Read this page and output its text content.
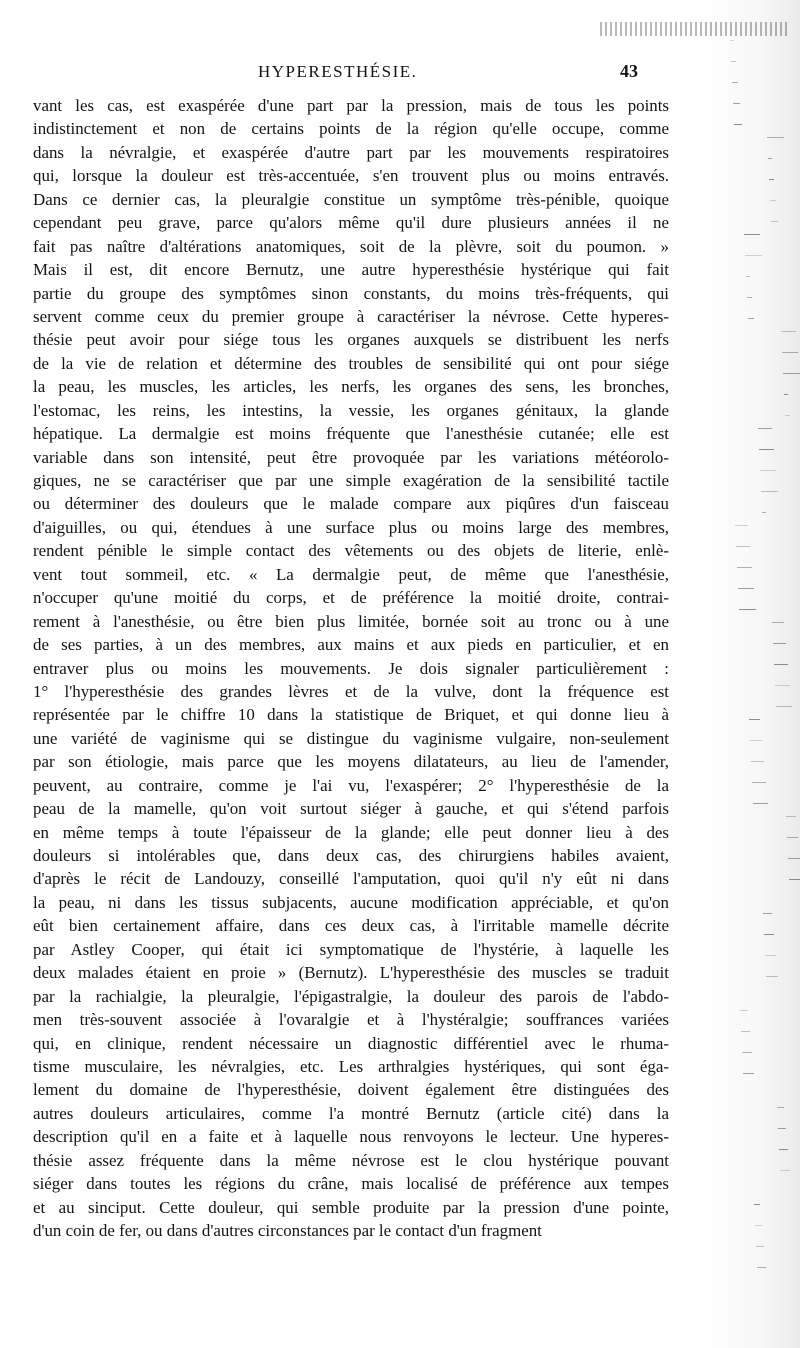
HYPERESTHÉSIE.	43
vant les cas, est exaspérée d'une part par la pression, mais de tous les points
indistinctement et non de certains points de la région qu'elle occupe, comme
dans la névralgie, et exaspérée d'autre part par les mouvements respiratoires
qui, lorsque la douleur est très-accentuée, s'en trouvent plus ou moins entravés.
Dans ce dernier cas, la pleuralgie constitue un symptôme très-pénible, quoique
cependant peu grave, parce qu'alors même qu'il dure plusieurs années il ne
fait pas naître d'altérations anatomiques, soit de la plèvre, soit du poumon. »
Mais il est, dit encore Bernutz, une autre hyperesthésie hystérique qui fait
partie du groupe des symptômes sinon constants, du moins très-fréquents, qui
servent comme ceux du premier groupe à caractériser la névrose. Cette hyperes-
thésie peut avoir pour siége tous les organes auxquels se distribuent les nerfs
de la vie de relation et détermine des troubles de sensibilité qui ont pour siége
la peau, les muscles, les articles, les nerfs, les organes des sens, les bronches,
l'estomac, les reins, les intestins, la vessie, les organes génitaux, la glande
hépatique. La dermalgie est moins fréquente que l'anesthésie cutanée; elle est
variable dans son intensité, peut être provoquée par les variations météorolo-
giques, ne se caractériser que par une simple exagération de la sensibilité tactile
ou déterminer des douleurs que le malade compare aux piqûres d'un faisceau
d'aiguilles, ou qui, étendues à une surface plus ou moins large des membres,
rendent pénible le simple contact des vêtements ou des objets de literie, enlè-
vent tout sommeil, etc. « La dermalgie peut, de même que l'anesthésie,
n'occuper qu'une moitié du corps, et de préférence la moitié droite, contrai-
rement à l'anesthésie, ou être bien plus limitée, bornée soit au tronc ou à une
de ses parties, à un des membres, aux mains et aux pieds en particulier, et en
entraver plus ou moins les mouvements. Je dois signaler particulièrement :
1° l'hyperesthésie des grandes lèvres et de la vulve, dont la fréquence est
représentée par le chiffre 10 dans la statistique de Briquet, et qui donne lieu à
une variété de vaginisme qui se distingue du vaginisme vulgaire, non-seulement
par son étiologie, mais parce que les moyens dilatateurs, au lieu de l'amender,
peuvent, au contraire, comme je l'ai vu, l'exaspérer; 2° l'hyperesthésie de la
peau de la mamelle, qu'on voit surtout siéger à gauche, et qui s'étend parfois
en même temps à toute l'épaisseur de la glande; elle peut donner lieu à des
douleurs si intolérables que, dans deux cas, des chirurgiens habiles avaient,
d'après le récit de Landouzy, conseillé l'amputation, quoi qu'il n'y eût ni dans
la peau, ni dans les tissus subjacents, aucune modification appréciable, et qu'on
eût bien certainement affaire, dans ces deux cas, à l'irritable mamelle décrite
par Astley Cooper, qui était ici symptomatique de l'hystérie, à laquelle les
deux malades étaient en proie » (Bernutz). L'hyperesthésie des muscles se traduit
par la rachialgie, la pleuralgie, l'épigastralgie, la douleur des parois de l'abdo-
men très-souvent associée à l'ovaralgie et à l'hystéralgie; souffrances variées
qui, en clinique, rendent nécessaire un diagnostic différentiel avec le rhuma-
tisme musculaire, les névralgies, etc. Les arthralgies hystériques, qui sont éga-
lement du domaine de l'hyperesthésie, doivent également être distinguées des
autres douleurs articulaires, comme l'a montré Bernutz (article cité) dans la
description qu'il en a faite et à laquelle nous renvoyons le lecteur. Une hyperes-
thésie assez fréquente dans la même névrose est le clou hystérique pouvant
siéger dans toutes les régions du crâne, mais localisé de préférence aux tempes
et au sinciput. Cette douleur, qui semble produite par la pression d'une pointe,
d'un coin de fer, ou dans d'autres circonstances par le contact d'un fragment
